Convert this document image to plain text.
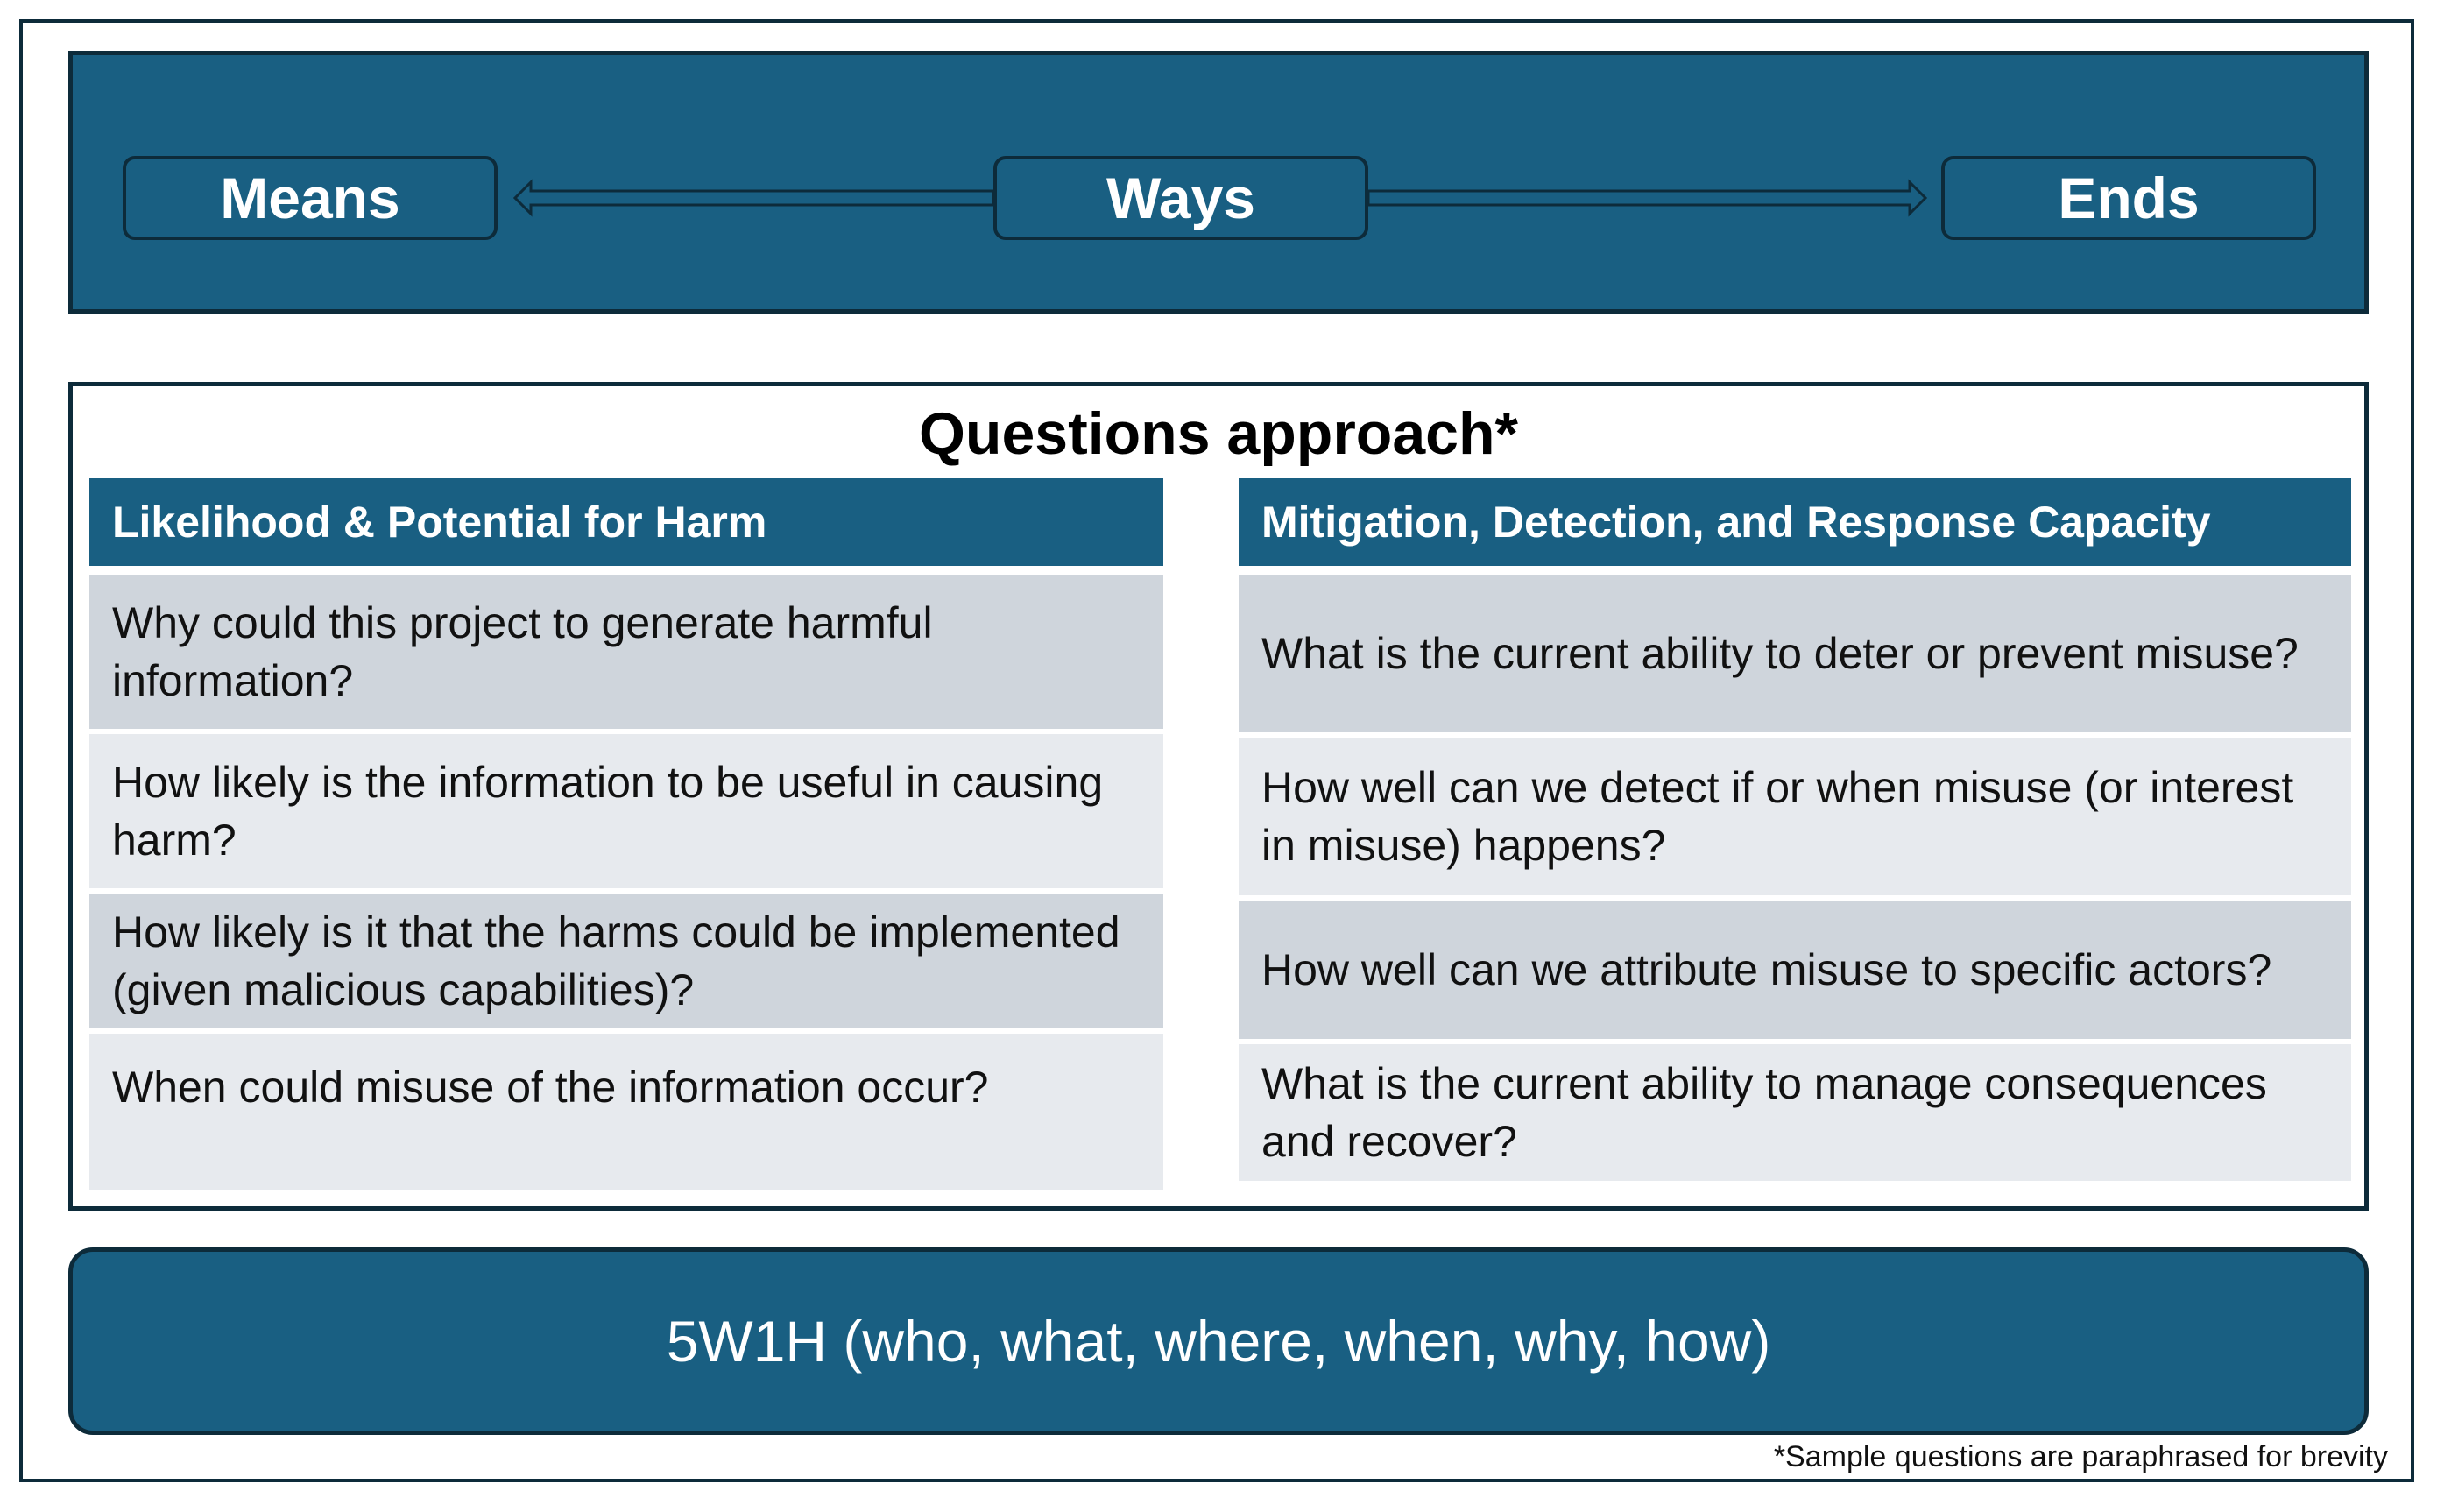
Means	Ways	Ends
Questions approach*
Likelihood & Potential for Harm
Why could this project to generate harmful information?
How likely is the information to be useful in causing harm?
How likely is it that the harms could be implemented (given malicious capabilities)?
When could misuse of the information occur?
Mitigation, Detection, and Response Capacity
What is the current ability to deter or prevent misuse?
How well can we detect if or when misuse (or interest in misuse) happens?
How well can we attribute misuse to specific actors?
What is the current ability to manage consequences and recover?
5W1H (who, what, where, when, why, how)
*Sample questions are paraphrased for brevity
